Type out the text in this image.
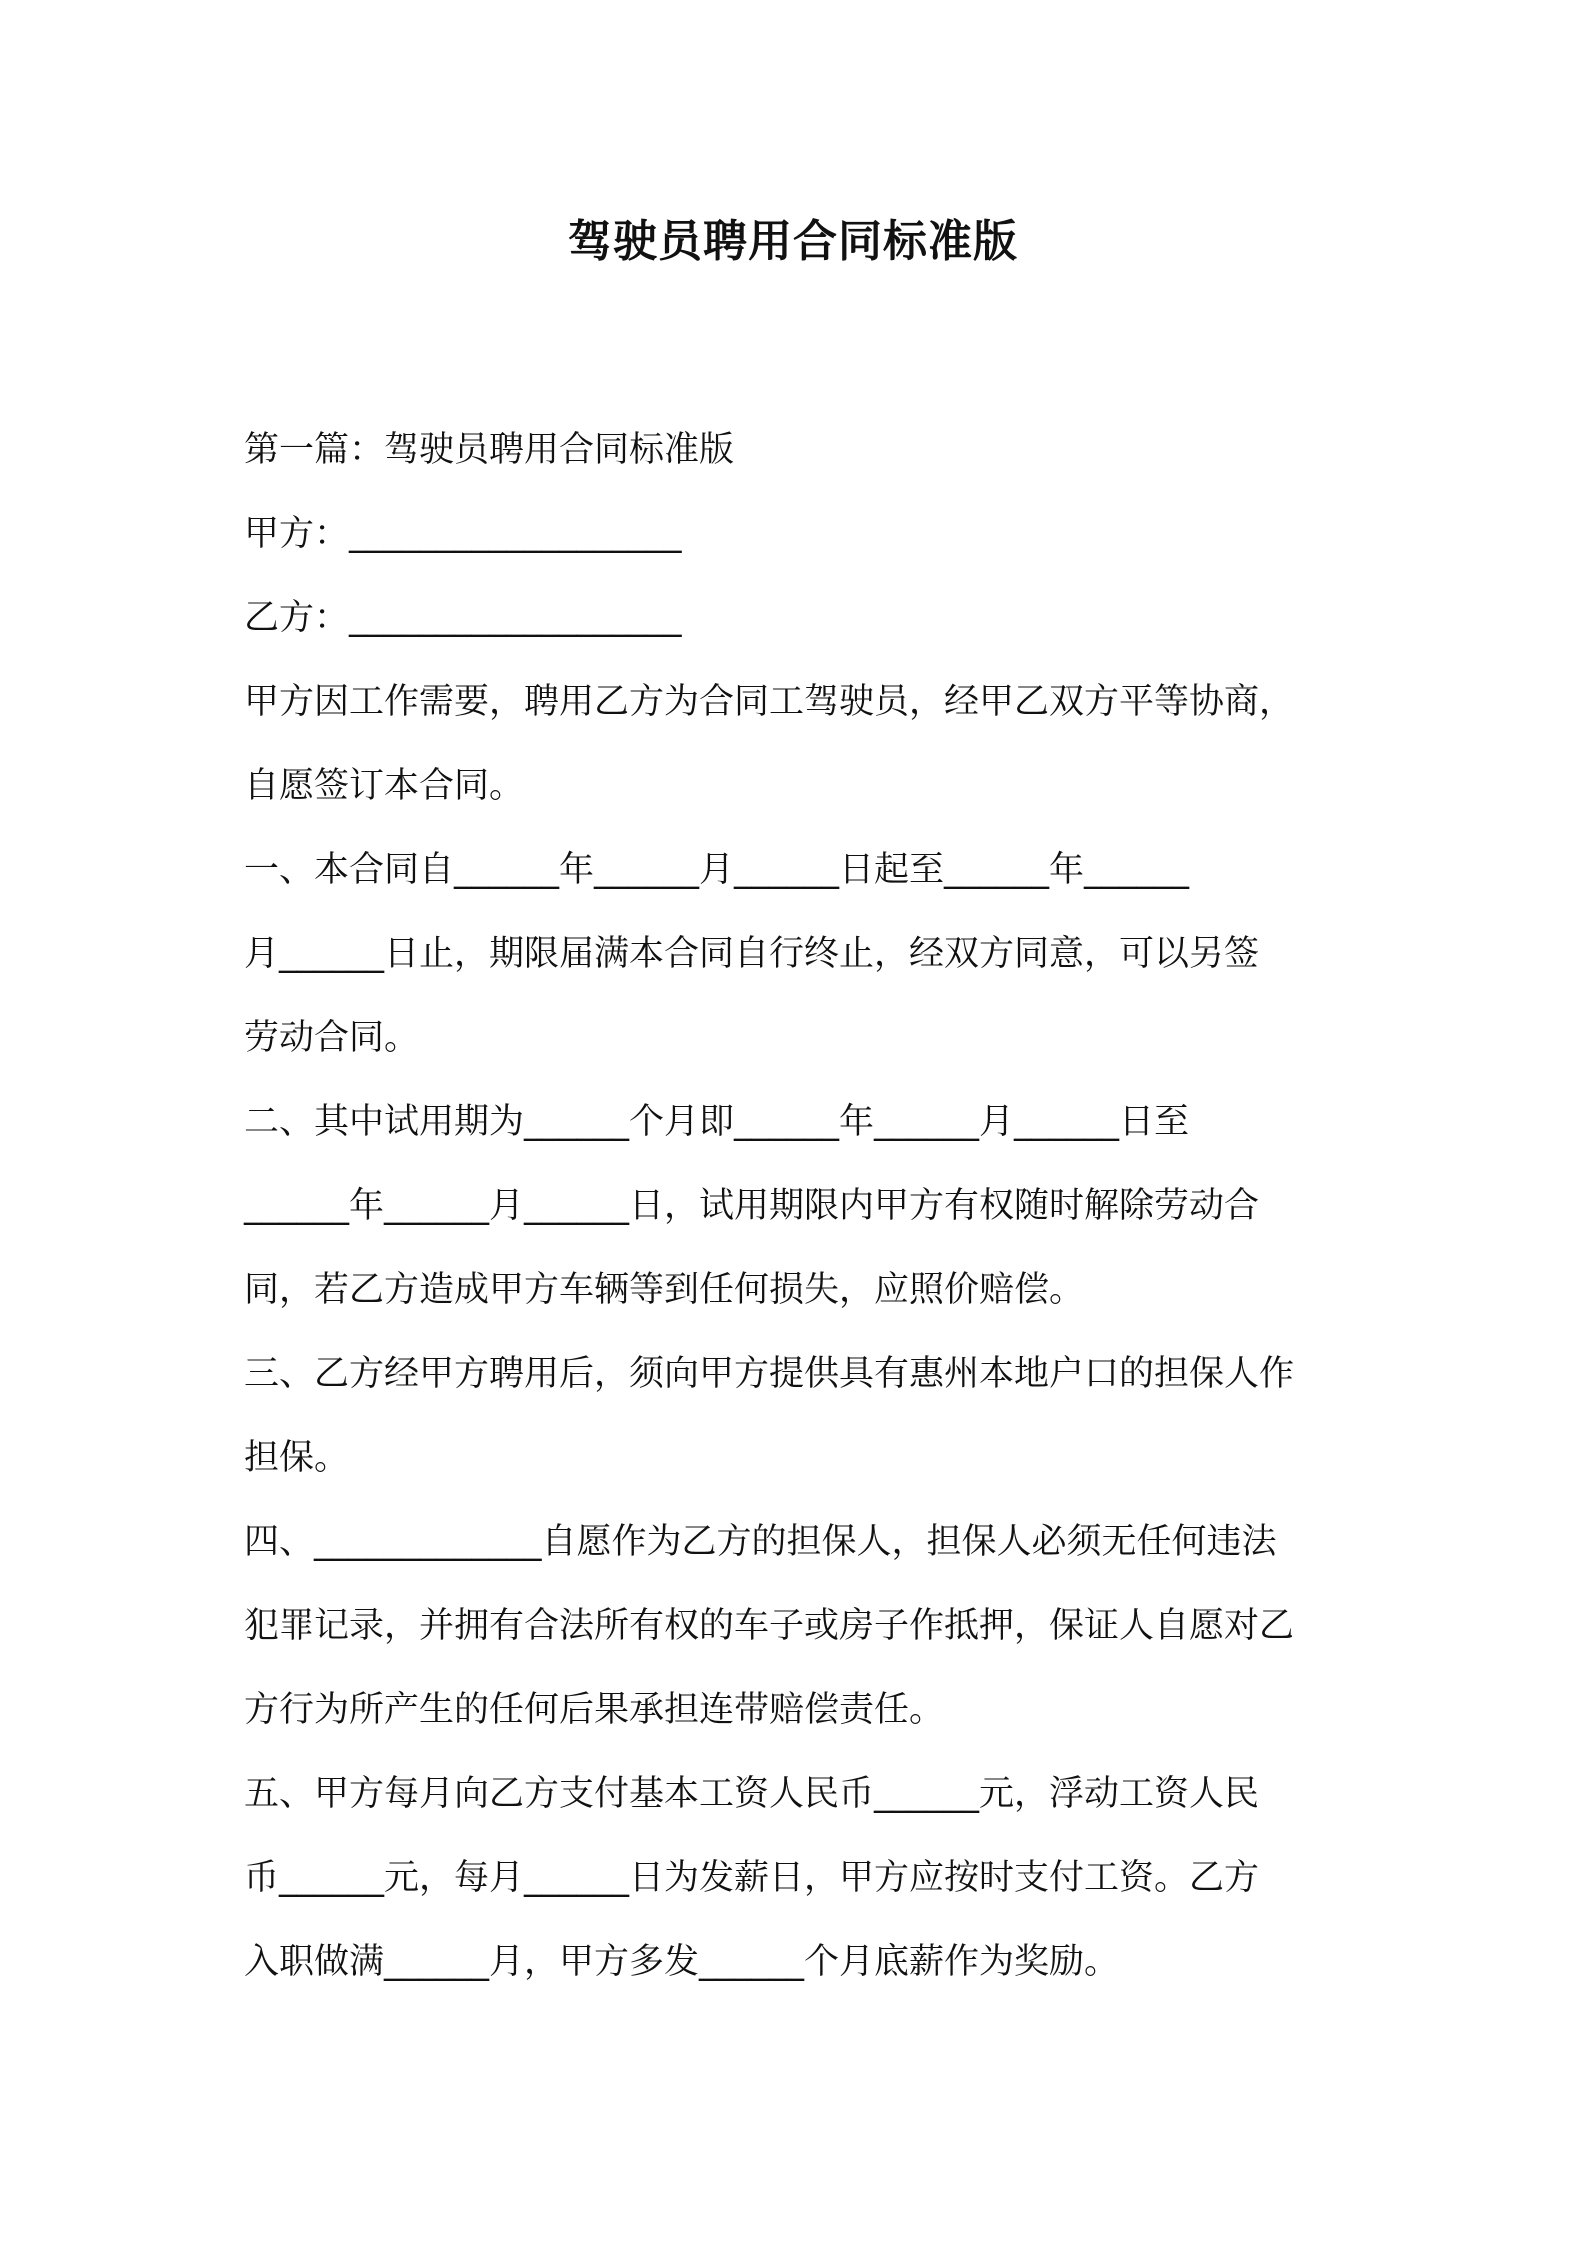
驾驶员聘用合同标准版
第一篇：驾驶员聘用合同标准版
甲方：___________________
乙方：___________________
甲方因工作需要，聘用乙方为合同工驾驶员，经甲乙双方平等协商，
自愿签订本合同。
一、本合同自______年______月______日起至______年______
月______日止，期限届满本合同自行终止，经双方同意，可以另签
劳动合同。
二、其中试用期为______个月即______年______月______日至
______年______月______日，试用期限内甲方有权随时解除劳动合
同，若乙方造成甲方车辆等到任何损失，应照价赔偿。
三、乙方经甲方聘用后，须向甲方提供具有惠州本地户口的担保人作
担保。
四、_____________自愿作为乙方的担保人，担保人必须无任何违法
犯罪记录，并拥有合法所有权的车子或房子作抵押，保证人自愿对乙
方行为所产生的任何后果承担连带赔偿责任。
五、甲方每月向乙方支付基本工资人民币______元，浮动工资人民
币______元，每月______日为发薪日，甲方应按时支付工资。乙方
入职做满______月，甲方多发______个月底薪作为奖励。
